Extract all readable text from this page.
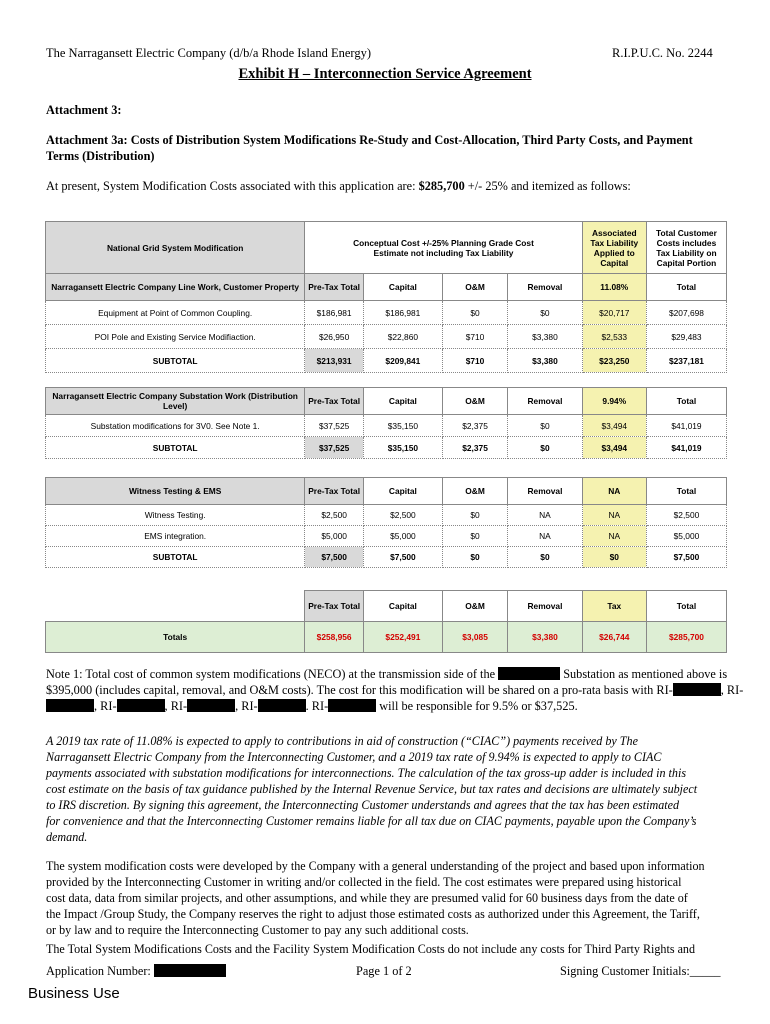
The Narragansett Electric Company (d/b/a Rhode Island Energy)	R.I.P.U.C. No. 2244
Exhibit H – Interconnection Service Agreement
Attachment 3:
Attachment 3a: Costs of Distribution System Modifications Re-Study and Cost-Allocation, Third Party Costs, and Payment
Terms (Distribution)
At present, System Modification Costs associated with this application are: $285,700 +/- 25% and itemized as follows:
National Grid System Modification	Conceptual Cost +/-25% Planning Grade Cost Estimate not including Tax Liability				Associated Tax Liability Applied to Capital	Total Customer Costs includes Tax Liability on Capital Portion
Narragansett Electric Company Line Work, Customer Property	Pre-Tax Total	Capital	O&M	Removal	11.08%	Total
Equipment at Point of Common Coupling.	$186,981	$186,981	$0	$0	$20,717	$207,698
POI Pole and Existing Service Modifiaction.	$26,950	$22,860	$710	$3,380	$2,533	$29,483
SUBTOTAL	$213,931	$209,841	$710	$3,380	$23,250	$237,181
Narragansett Electric Company Substation Work (Distribution Level)	Pre-Tax Total	Capital	O&M	Removal	9.94%	Total
Substation modifications for 3V0. See Note 1.	$37,525	$35,150	$2,375	$0	$3,494	$41,019
SUBTOTAL	$37,525	$35,150	$2,375	$0	$3,494	$41,019
Witness Testing & EMS	Pre-Tax Total	Capital	O&M	Removal	NA	Total
Witness Testing.	$2,500	$2,500	$0	NA	NA	$2,500
EMS integration.	$5,000	$5,000	$0	NA	NA	$5,000
SUBTOTAL	$7,500	$7,500	$0	$0	$0	$7,500
	Pre-Tax Total	Capital	O&M	Removal	Tax	Total
Totals	$258,956	$252,491	$3,085	$3,380	$26,744	$285,700
Note 1: Total cost of common system modifications (NECO) at the transmission side of the	Substation as mentioned above is
$395,000 (includes capital, removal, and O&M costs). The cost for this modification will be shared on a pro-rata basis with RI-	, RI-
, RI-	, RI-	, RI-	. RI-	will be responsible for 9.5% or $37,525.
A 2019 tax rate of 11.08% is expected to apply to contributions in aid of construction (“CIAC”) payments received by The
Narragansett Electric Company from the Interconnecting Customer, and a 2019 tax rate of 9.94% is expected to apply to CIAC
payments associated with substation modifications for interconnections. The calculation of the tax gross-up adder is included in this
cost estimate on the basis of tax guidance published by the Internal Revenue Service, but tax rates and decisions are ultimately subject
to IRS discretion. By signing this agreement, the Interconnecting Customer understands and agrees that the tax has been estimated
for convenience and that the Interconnecting Customer remains liable for all tax due on CIAC payments, payable upon the Company’s
demand.
The system modification costs were developed by the Company with a general understanding of the project and based upon information
provided by the Interconnecting Customer in writing and/or collected in the field. The cost estimates were prepared using historical
cost data, data from similar projects, and other assumptions, and while they are presumed valid for 60 business days from the date of
the Impact /Group Study, the Company reserves the right to adjust those estimated costs as authorized under this Agreement, the Tariff,
or by law and to require the Interconnecting Customer to pay any such additional costs.
The Total System Modifications Costs and the Facility System Modification Costs do not include any costs for Third Party Rights and
Application Number:	Page 1 of 2	Signing Customer Initials:_____
Business Use
